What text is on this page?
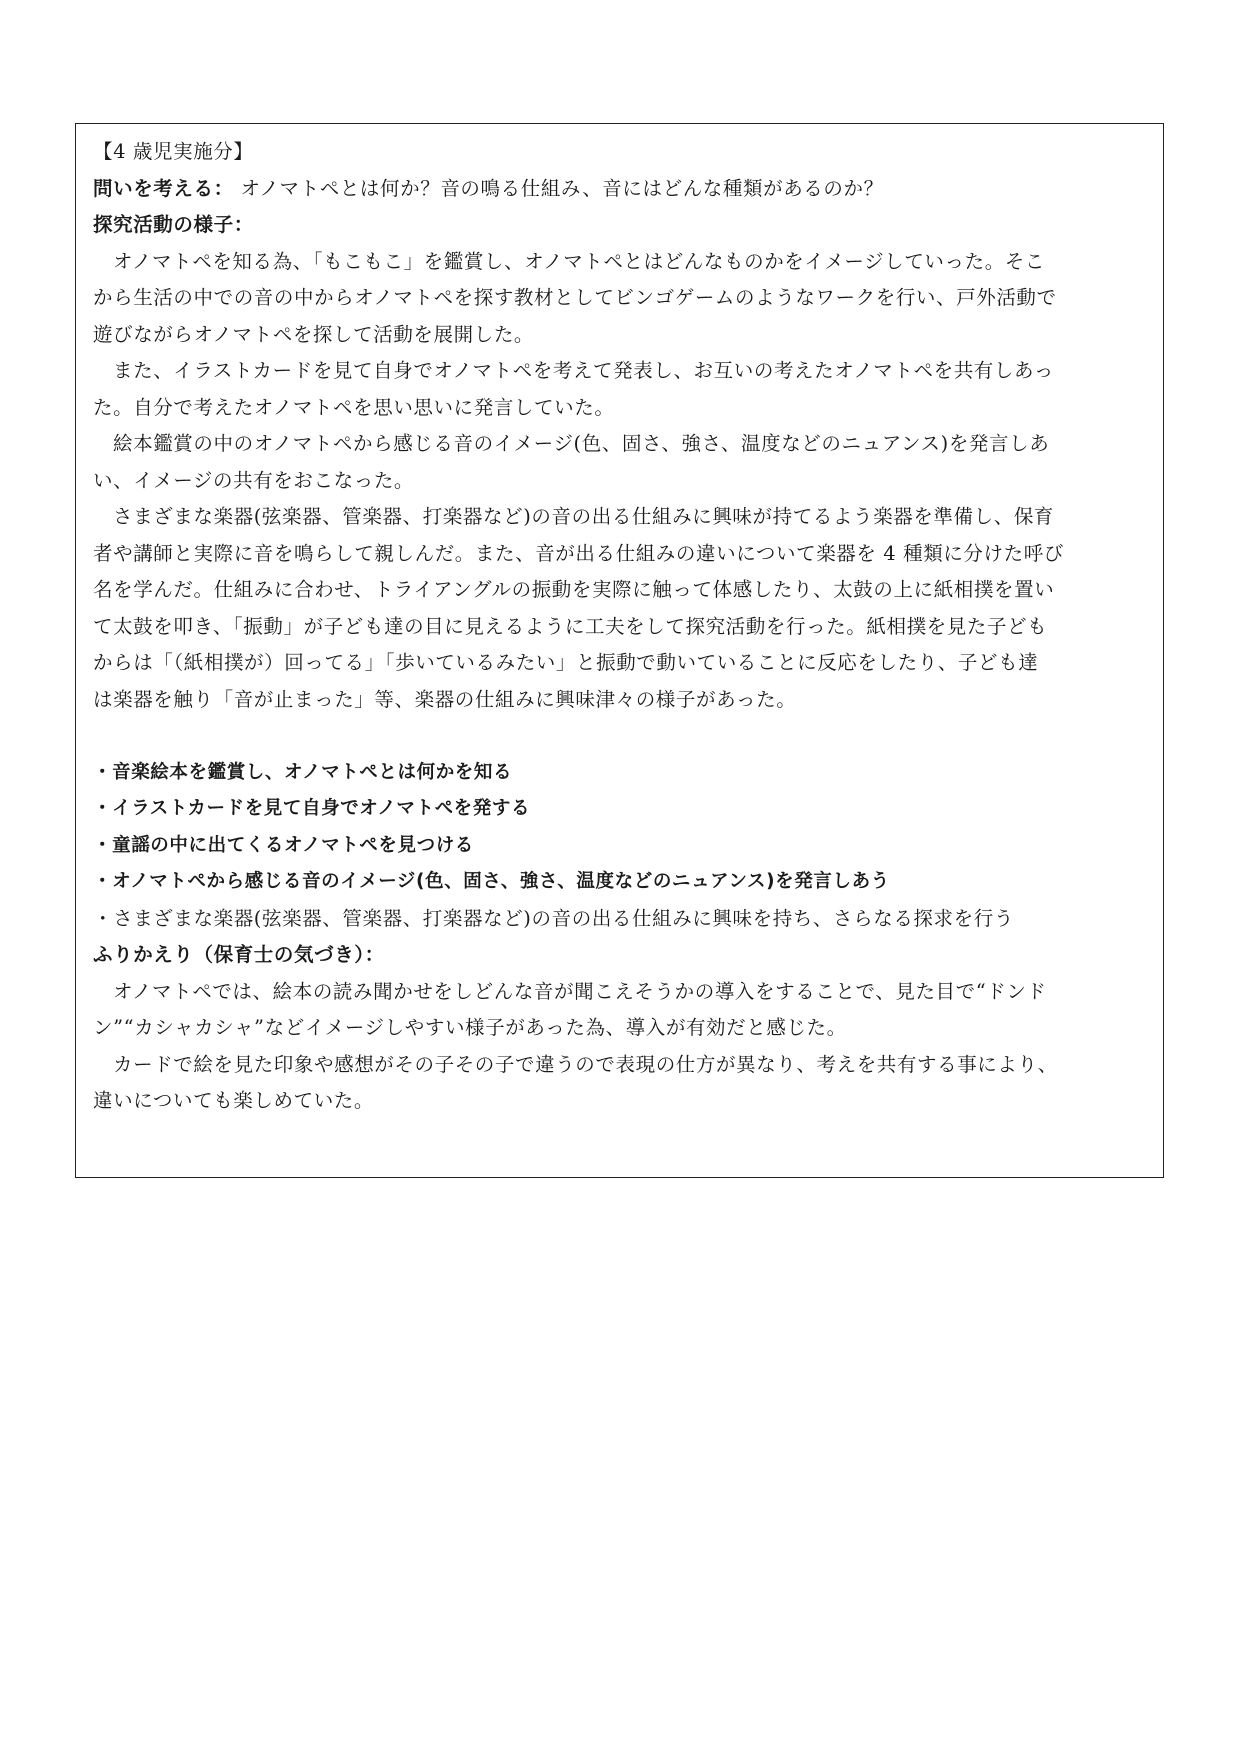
【4 歳児実施分】
問いを考える： オノマトペとは何か？音の鳴る仕組み、音にはどんな種類があるのか？
探究活動の様子：
オノマトペを知る為、「もこもこ」を鑑賞し、オノマトペとはどんなものかをイメージしていった。そこ
から生活の中での音の中からオノマトペを探す教材としてビンゴゲームのようなワークを行い、戸外活動で
遊びながらオノマトペを探して活動を展開した。
また、イラストカードを見て自身でオノマトペを考えて発表し、お互いの考えたオノマトペを共有しあっ
た。自分で考えたオノマトペを思い思いに発言していた。
絵本鑑賞の中のオノマトペから感じる音のイメージ(色、固さ、強さ、温度などのニュアンス)を発言しあ
い、イメージの共有をおこなった。
さまざまな楽器(弦楽器、管楽器、打楽器など)の音の出る仕組みに興味が持てるよう楽器を準備し、保育
者や講師と実際に音を鳴らして親しんだ。また、音が出る仕組みの違いについて楽器を 4 種類に分けた呼び
名を学んだ。仕組みに合わせ、トライアングルの振動を実際に触って体感したり、太鼓の上に紙相撲を置い
て太鼓を叩き、「振動」が子ども達の目に見えるように工夫をして探究活動を行った。紙相撲を見た子ども
からは「（紙相撲が）回ってる」「歩いているみたい」と振動で動いていることに反応をしたり、子ども達
は楽器を触り「音が止まった」等、楽器の仕組みに興味津々の様子があった。
・音楽絵本を鑑賞し、オノマトペとは何かを知る
・イラストカードを見て自身でオノマトペを発する
・童謡の中に出てくるオノマトペを見つける
・オノマトペから感じる音のイメージ(色、固さ、強さ、温度などのニュアンス)を発言しあう
・さまざまな楽器(弦楽器、管楽器、打楽器など)の音の出る仕組みに興味を持ち、さらなる探求を行う
ふりかえり（保育士の気づき）：
オノマトペでは、絵本の読み聞かせをしどんな音が聞こえそうかの導入をすることで、見た目で“ドンド
ン”“カシャカシャ”などイメージしやすい様子があった為、導入が有効だと感じた。
カードで絵を見た印象や感想がその子その子で違うので表現の仕方が異なり、考えを共有する事により、
違いについても楽しめていた。
